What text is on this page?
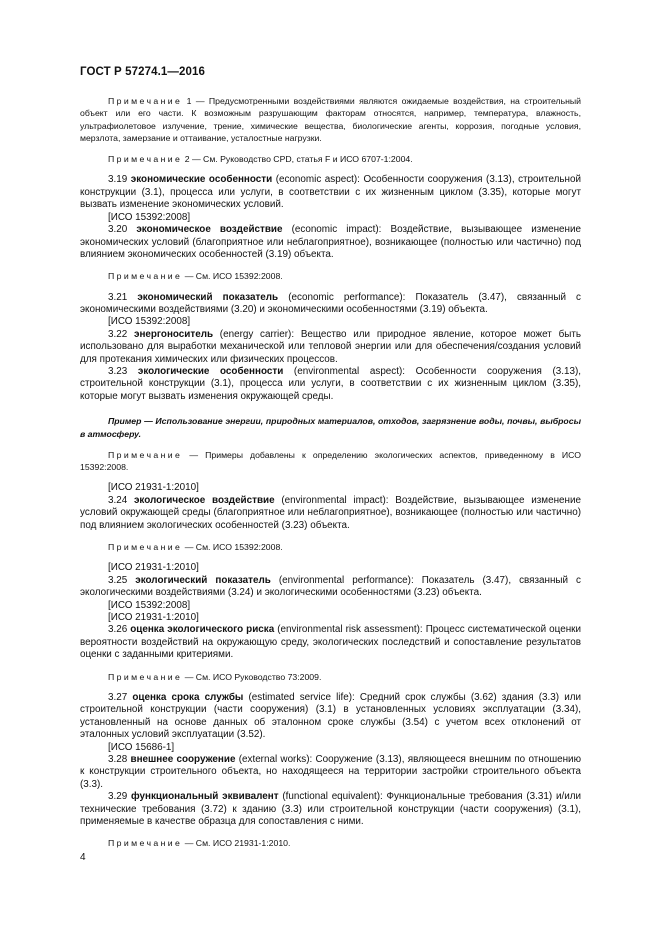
ГОСТ Р 57274.1—2016

Примечание 1 — Предусмотренными воздействиями являются ожидаемые воздействия, на строительный объект или его части. К возможным разрушающим факторам относятся, например, температура, влажность, ультрафиолетовое излучение, трение, химические вещества, биологические агенты, коррозия, погодные условия, мерзлота, замерзание и оттаивание, усталостные нагрузки.

Примечание 2 — См. Руководство CPD, статья F и ИСО 6707-1:2004.

3.19 экономические особенности (economic aspect): Особенности сооружения (3.13), строительной конструкции (3.1), процесса или услуги, в соответствии с их жизненным циклом (3.35), которые могут вызвать изменение экономических условий.

[ИСО 15392:2008]

3.20 экономическое воздействие (economic impact): Воздействие, вызывающее изменение экономических условий (благоприятное или неблагоприятное), возникающее (полностью или частично) под влиянием экономических особенностей (3.19) объекта.

Примечание — См. ИСО 15392:2008.

3.21 экономический показатель (economic performance): Показатель (3.47), связанный с экономическими воздействиями (3.20) и экономическими особенностями (3.19) объекта.

[ИСО 15392:2008]

3.22 энергоноситель (energy carrier): Вещество или природное явление, которое может быть использовано для выработки механической или тепловой энергии или для обеспечения/создания условий для протекания химических или физических процессов.

3.23 экологические особенности (environmental aspect): Особенности сооружения (3.13), строительной конструкции (3.1), процесса или услуги, в соответствии с их жизненным циклом (3.35), которые могут вызвать изменения окружающей среды.

Пример — Использование энергии, природных материалов, отходов, загрязнение воды, почвы, выбросы в атмосферу.

Примечание — Примеры добавлены к определению экологических аспектов, приведенному в ИСО 15392:2008.

[ИСО 21931-1:2010]

3.24 экологическое воздействие (environmental impact): Воздействие, вызывающее изменение условий окружающей среды (благоприятное или неблагоприятное), возникающее (полностью или частично) под влиянием экологических особенностей (3.23) объекта.

Примечание — См. ИСО 15392:2008.

[ИСО 21931-1:2010]

3.25 экологический показатель (environmental performance): Показатель (3.47), связанный с экологическими воздействиями (3.24) и экологическими особенностями (3.23) объекта.

[ИСО 15392:2008]

[ИСО 21931-1:2010]

3.26 оценка экологического риска (environmental risk assessment): Процесс систематической оценки вероятности воздействий на окружающую среду, экологических последствий и сопоставление результатов оценки с заданными критериями.

Примечание — См. ИСО Руководство 73:2009.

3.27 оценка срока службы (estimated service life): Средний срок службы (3.62) здания (3.3) или строительной конструкции (части сооружения) (3.1) в установленных условиях эксплуатации (3.34), установленный на основе данных об эталонном сроке службы (3.54) с учетом всех отклонений от эталонных условий эксплуатации (3.52).

[ИСО 15686-1]

3.28 внешнее сооружение (external works): Сооружение (3.13), являющееся внешним по отношению к конструкции строительного объекта, но находящееся на территории застройки строительного объекта (3.3).

3.29 функциональный эквивалент (functional equivalent): Функциональные требования (3.31) и/или технические требования (3.72) к зданию (3.3) или строительной конструкции (части сооружения) (3.1), применяемые в качестве образца для сопоставления с ними.

Примечание — См. ИСО 21931-1:2010.

4
